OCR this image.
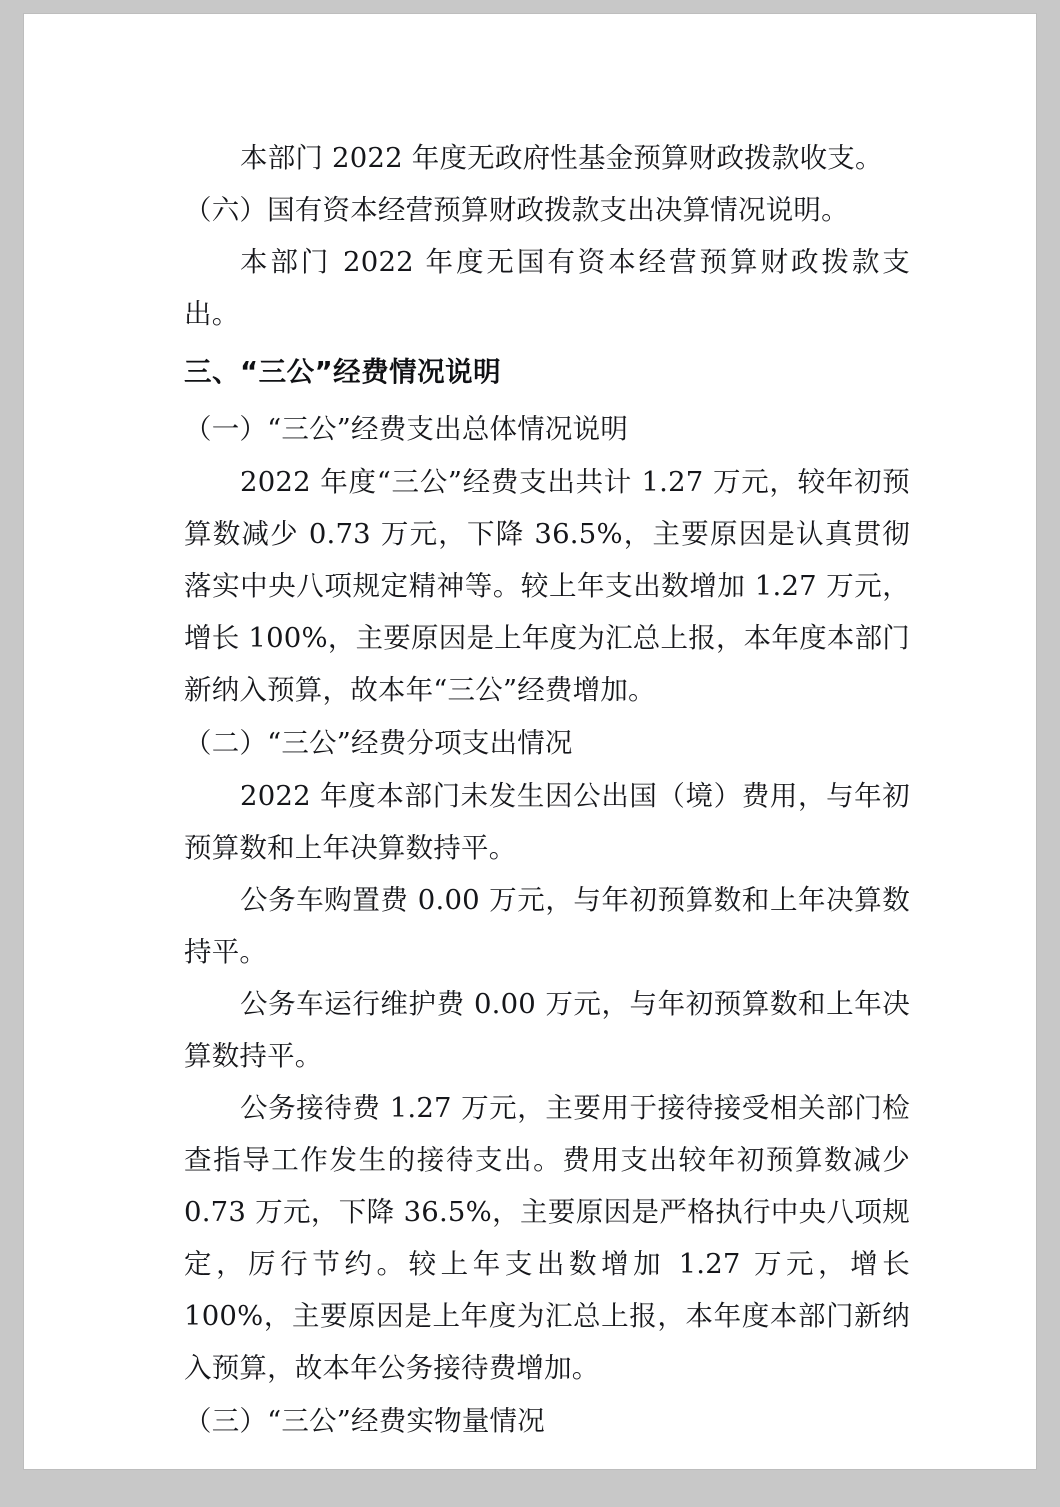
本部门 2022 年度无政府性基金预算财政拨款收支。

（六）国有资本经营预算财政拨款支出决算情况说明。

本部门 2022 年度无国有资本经营预算财政拨款支出。

三、“三公”经费情况说明

（一）“三公”经费支出总体情况说明

2022 年度“三公”经费支出共计 1.27 万元，较年初预算数减少 0.73 万元，下降 36.5%，主要原因是认真贯彻落实中央八项规定精神等。较上年支出数增加 1.27 万元，增长 100%，主要原因是上年度为汇总上报，本年度本部门新纳入预算，故本年“三公”经费增加。

（二）“三公”经费分项支出情况

2022 年度本部门未发生因公出国（境）费用，与年初预算数和上年决算数持平。

公务车购置费 0.00 万元，与年初预算数和上年决算数持平。

公务车运行维护费 0.00 万元，与年初预算数和上年决算数持平。

公务接待费 1.27 万元，主要用于接待接受相关部门检查指导工作发生的接待支出。费用支出较年初预算数减少 0.73 万元，下降 36.5%，主要原因是严格执行中央八项规定，厉行节约。较上年支出数增加 1.27 万元，增长 100%，主要原因是上年度为汇总上报，本年度本部门新纳入预算，故本年公务接待费增加。

（三）“三公”经费实物量情况
